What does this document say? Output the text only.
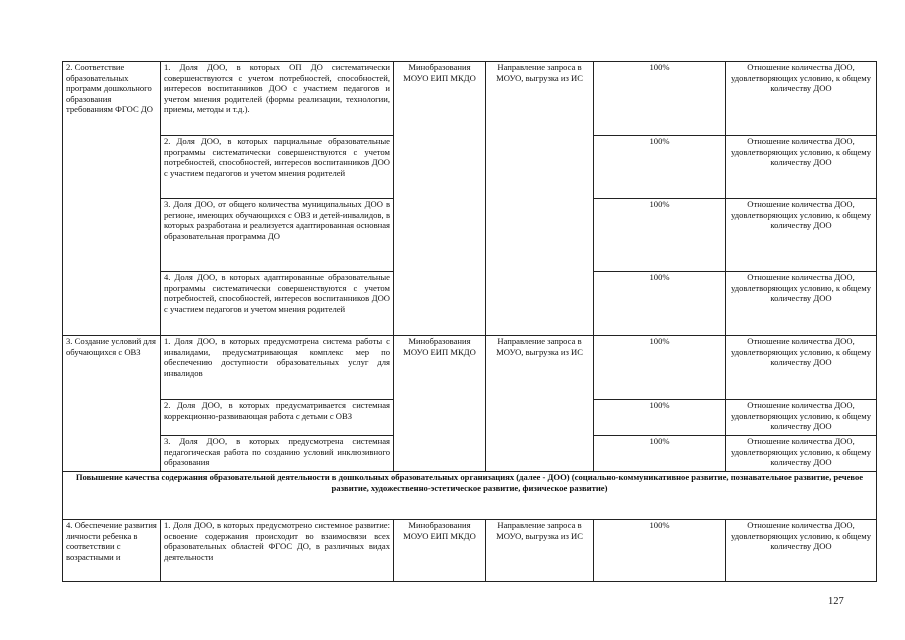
2. Соответствие образовательных программ дошкольного образования требованиям ФГОС ДО	1. Доля ДОО, в которых ОП ДО систематически совершенствуются с учетом потребностей, способностей, интересов воспитанников ДОО с участием педагогов и учетом мнения родителей (формы реализации, технологии, приемы, методы и т.д.).	Минобразования МОУО ЕИП МКДО	Направление запроса в МОУО, выгрузка из ИС	100%	Отношение количества ДОО, удовлетворяющих условию, к общему количеству ДОО
	2. Доля ДОО, в которых парциальные образовательные программы систематически совершенствуются с учетом потребностей, способностей, интересов воспитанников ДОО с участием педагогов и учетом мнения родителей			100%	Отношение количества ДОО, удовлетворяющих условию, к общему количеству ДОО
	3. Доля ДОО, от общего количества муниципальных ДОО в регионе, имеющих обучающихся с ОВЗ и детей-инвалидов, в которых разработана и реализуется адаптированная основная образовательная программа ДО			100%	Отношение количества ДОО, удовлетворяющих условию, к общему количеству ДОО
	4. Доля ДОО, в которых адаптированные образовательные программы систематически совершенствуются с учетом потребностей, способностей, интересов воспитанников ДОО с участием педагогов и учетом мнения родителей			100%	Отношение количества ДОО, удовлетворяющих условию, к общему количеству ДОО
3. Создание условий для обучающихся с ОВЗ	1. Доля ДОО, в которых предусмотрена система работы с инвалидами, предусматривающая комплекс мер по обеспечению доступности образовательных услуг для инвалидов	Минобразования МОУО ЕИП МКДО	Направление запроса в МОУО, выгрузка из ИС	100%	Отношение количества ДОО, удовлетворяющих условию, к общему количеству ДОО
	2. Доля ДОО, в которых предусматривается системная коррекционно-развивающая работа с детьми с ОВЗ			100%	Отношение количества ДОО, удовлетворяющих условию, к общему количеству ДОО
	3. Доля ДОО, в которых предусмотрена системная педагогическая работа по созданию условий инклюзивного образования			100%	Отношение количества ДОО, удовлетворяющих условию, к общему количеству ДОО
Повышение качества содержания образовательной деятельности в дошкольных образовательных организациях (далее - ДОО) (социально-коммуникативное развитие, познавательное развитие, речевое развитие, художественно-эстетическое развитие, физическое развитие)					
4. Обеспечение развития личности ребенка в соответствии с возрастными и	1. Доля ДОО, в которых предусмотрено системное развитие: освоение содержания происходит во взаимосвязи всех образовательных областей ФГОС ДО, в различных видах деятельности	Минобразования МОУО ЕИП МКДО	Направление запроса в МОУО, выгрузка из ИС	100%	Отношение количества ДОО, удовлетворяющих условию, к общему количеству ДОО
127
